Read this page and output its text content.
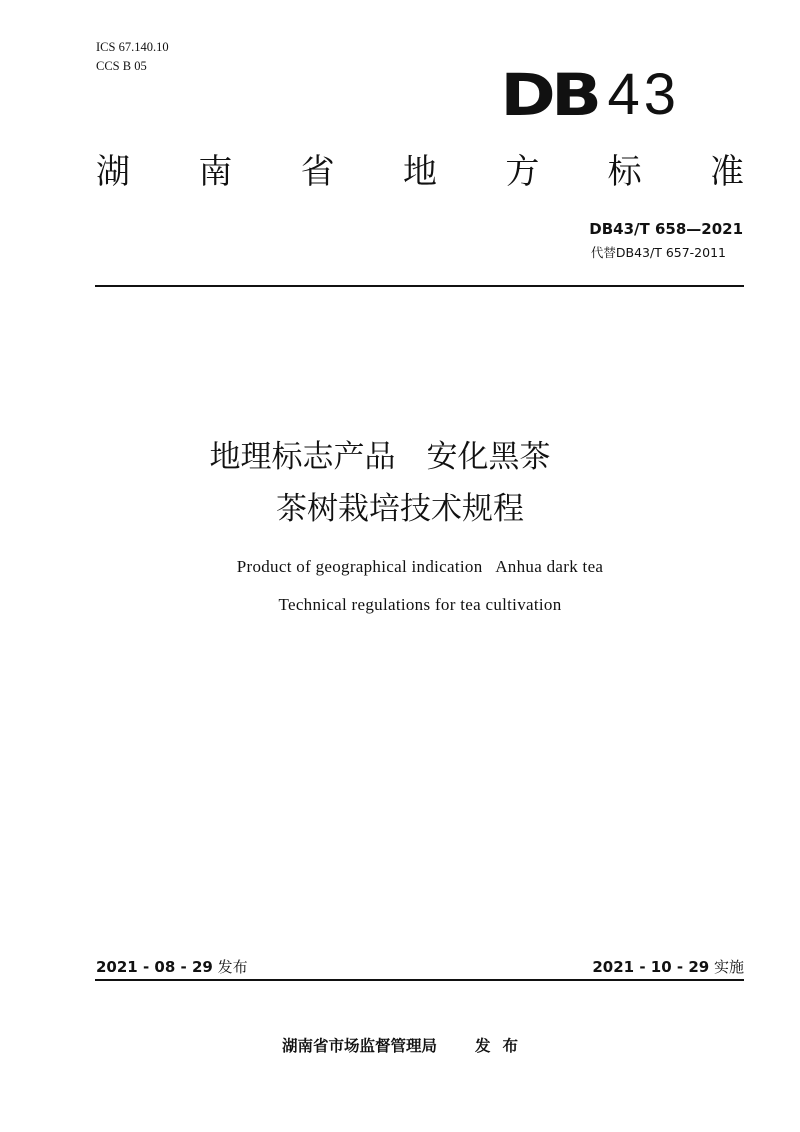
ICS 67.140.10
CCS B 05	DB 43
湖 南 省 地 方 标 准
DB43/T 658—2021
代替DB43/T 657-2011
地理标志产品　安化黑茶
茶树栽培技术规程
Product of geographical indication   Anhua dark tea
Technical regulations for tea cultivation
2021 - 08 - 29 发布	2021 - 10 - 29 实施
湖南省市场监督管理局 发 布
